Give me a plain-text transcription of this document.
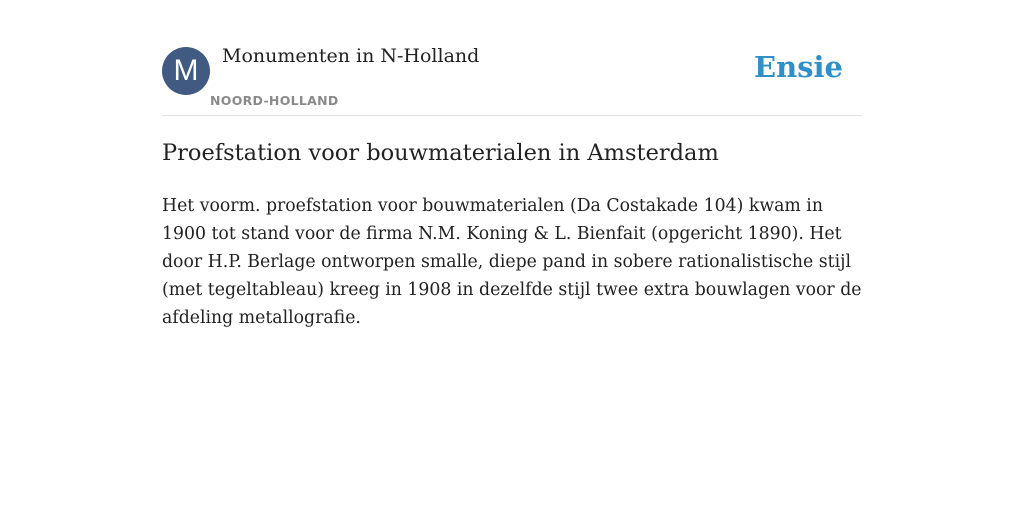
M	Monumenten in N-Holland
NOORD-HOLLAND
Ensie
Proefstation voor bouwmaterialen in Amsterdam

Het voorm. proefstation voor bouwmaterialen (Da Costakade 104) kwam in 1900 tot stand voor de firma N.M. Koning & L. Bienfait (opgericht 1890). Het door H.P. Berlage ontworpen smalle, diepe pand in sobere rationalistische stijl (met tegeltableau) kreeg in 1908 in dezelfde stijl twee extra bouwlagen voor de afdeling metallografie.
